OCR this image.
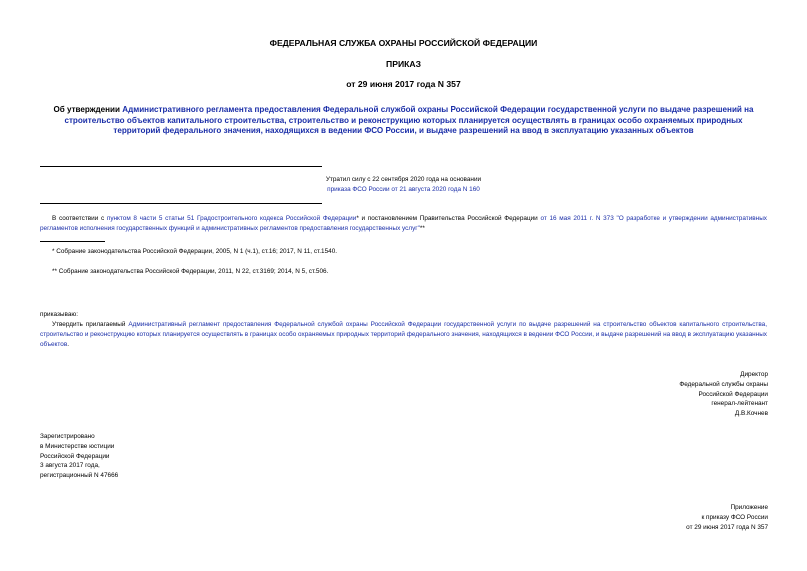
ФЕДЕРАЛЬНАЯ СЛУЖБА ОХРАНЫ РОССИЙСКОЙ ФЕДЕРАЦИИ
ПРИКАЗ
от 29 июня 2017 года N 357
Об утверждении Административного регламента предоставления Федеральной службой охраны Российской Федерации государственной услуги по выдаче разрешений на строительство объектов капитального строительства, строительство и реконструкцию которых планируется осуществлять в границах особо охраняемых природных территорий федерального значения, находящихся в ведении ФСО России, и выдаче разрешений на ввод в эксплуатацию указанных объектов
Утратил силу с 22 сентября 2020 года на основании
приказа ФСО России от 21 августа 2020 года N 160
В соответствии с пунктом 8 части 5 статьи 51 Градостроительного кодекса Российской Федерации* и постановлением Правительства Российской Федерации от 16 мая 2011 г. N 373 "О разработке и утверждении административных регламентов исполнения государственных функций и административных регламентов предоставления государственных услуг"**
* Собрание законодательства Российской Федерации, 2005, N 1 (ч.1), ст.16; 2017, N 11, ст.1540.
** Собрание законодательства Российской Федерации, 2011, N 22, ст.3169; 2014, N 5, ст.506.
приказываю:
Утвердить прилагаемый Административный регламент предоставления Федеральной службой охраны Российской Федерации государственной услуги по выдаче разрешений на строительство объектов капитального строительства, строительство и реконструкцию которых планируется осуществлять в границах особо охраняемых природных территорий федерального значения, находящихся в ведении ФСО России, и выдаче разрешений на ввод в эксплуатацию указанных объектов.
Директор
Федеральной службы охраны
Российской Федерации
генерал-лейтенант
Д.В.Кочнев
Зарегистрировано
в Министерстве юстиции
Российской Федерации
3 августа 2017 года,
регистрационный N 47666
Приложение
к приказу ФСО России
от 29 июня 2017 года N 357
